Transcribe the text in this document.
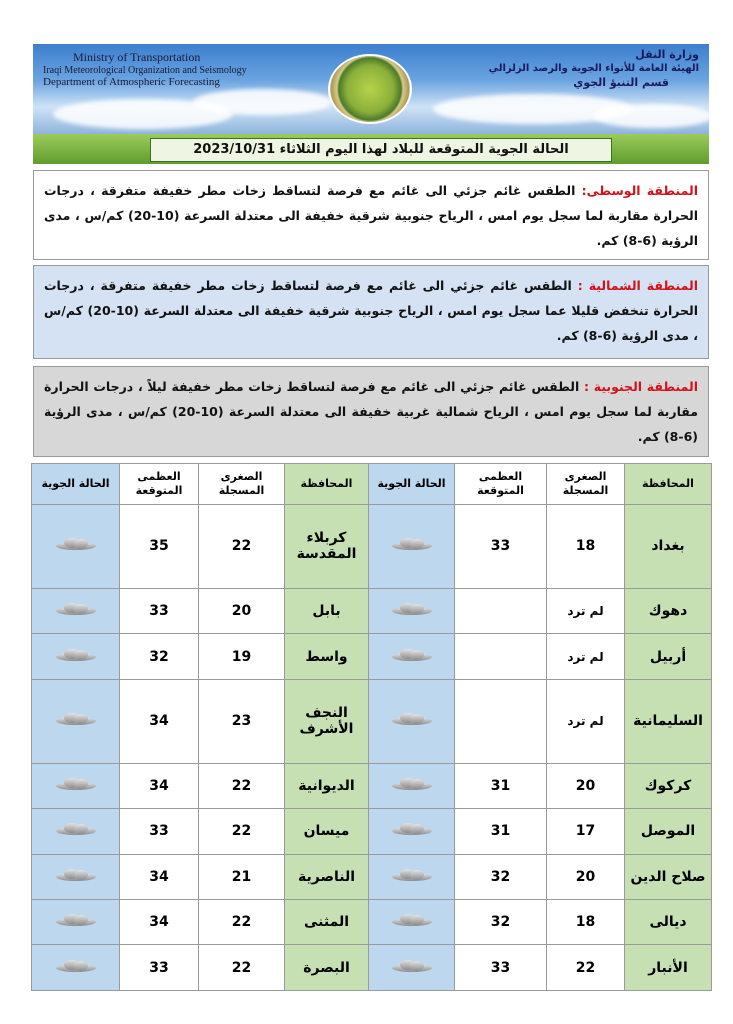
Ministry of Transportation
Iraqi Meteorological Organization and Seismology
Department of Atmospheric Forecasting
وزارة النقل
الهيئة العامة للأنواء الجوية والرصد الزلزالي
قسم التنبؤ الجوي
الحالة الجوية المتوقعة للبلاد لهذا اليوم الثلاثاء 2023/10/31
المنطقة الوسطى: الطقس غائم جزئي الى غائم مع فرصة لتساقط زخات مطر خفيفة متفرقة ، درجات الحرارة مقاربة لما سجل يوم امس ، الرياح جنوبية شرقية خفيفة الى معتدلة السرعة (10-20) كم/س ، مدى الرؤية (6-8) كم.
المنطقة الشمالية : الطقس غائم جزئي الى غائم مع فرصة لتساقط زخات مطر خفيفة متفرقة ، درجات الحرارة تنخفض قليلا عما سجل يوم امس ، الرياح جنوبية شرقية خفيفة الى معتدلة السرعة (10-20) كم/س ، مدى الرؤية (6-8) كم.
المنطقة الجنوبية : الطقس غائم جزئي الى غائم مع فرصة لتساقط زخات مطر خفيفة ليلاً ، درجات الحرارة مقاربة لما سجل يوم امس ، الرياح شمالية غربية خفيفة الى معتدلة السرعة (10-20) كم/س ، مدى الرؤية (6-8) كم.
المحافظة	الصغرى المسجلة	العظمى المتوقعة	الحالة الجوية	المحافظة	الصغرى المسجلة	العظمى المتوقعة	الحالة الجوية
بغداد	18	33		كربلاء المقدسة	22	35	

دهوك	لم ترد			بابل	20	33	

أربيل	لم ترد			واسط	19	32	

السليمانية	لم ترد			النجف الأشرف	23	34	

كركوك	20	31		الديوانية	22	34	

الموصل	17	31		ميسان	22	33	

صلاح الدين	20	32		الناصرية	21	34	

ديالى	18	32		المثنى	22	34	

الأنبار	22	33		البصرة	22	33	
